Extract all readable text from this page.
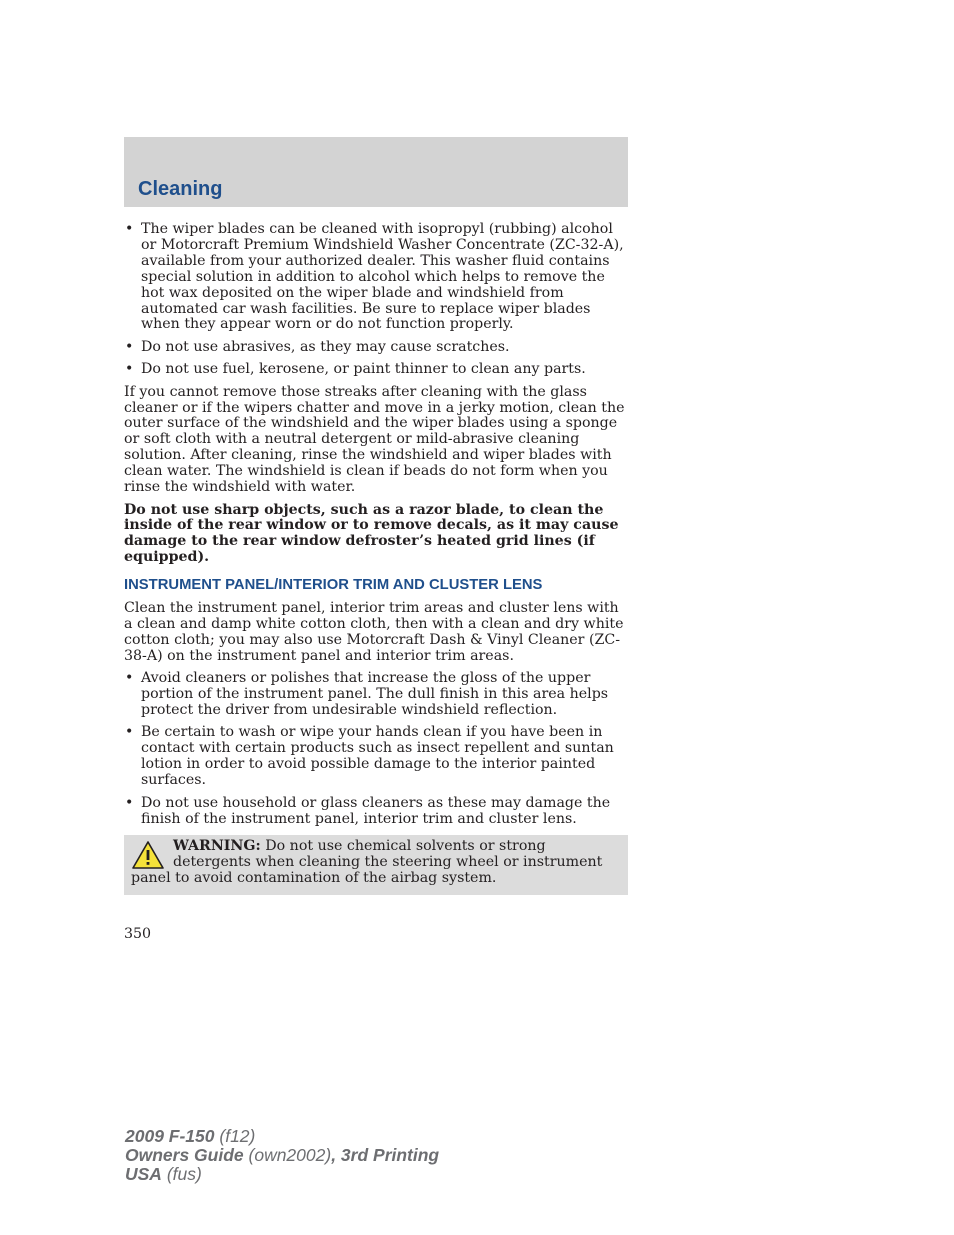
Cleaning
• The wiper blades can be cleaned with isopropyl (rubbing) alcohol or Motorcraft Premium Windshield Washer Concentrate (ZC-32-A), available from your authorized dealer. This washer fluid contains special solution in addition to alcohol which helps to remove the hot wax deposited on the wiper blade and windshield from automated car wash facilities. Be sure to replace wiper blades when they appear worn or do not function properly.
• Do not use abrasives, as they may cause scratches.
• Do not use fuel, kerosene, or paint thinner to clean any parts.

If you cannot remove those streaks after cleaning with the glass cleaner or if the wipers chatter and move in a jerky motion, clean the outer surface of the windshield and the wiper blades using a sponge or soft cloth with a neutral detergent or mild-abrasive cleaning solution. After cleaning, rinse the windshield and wiper blades with clean water. The windshield is clean if beads do not form when you rinse the windshield with water.

Do not use sharp objects, such as a razor blade, to clean the inside of the rear window or to remove decals, as it may cause damage to the rear window defroster’s heated grid lines (if equipped).

INSTRUMENT PANEL/INTERIOR TRIM AND CLUSTER LENS

Clean the instrument panel, interior trim areas and cluster lens with a clean and damp white cotton cloth, then with a clean and dry white cotton cloth; you may also use Motorcraft Dash & Vinyl Cleaner (ZC-38-A) on the instrument panel and interior trim areas.

• Avoid cleaners or polishes that increase the gloss of the upper portion of the instrument panel. The dull finish in this area helps protect the driver from undesirable windshield reflection.
• Be certain to wash or wipe your hands clean if you have been in contact with certain products such as insect repellent and suntan lotion in order to avoid possible damage to the interior painted surfaces.
• Do not use household or glass cleaners as these may damage the finish of the instrument panel, interior trim and cluster lens.
WARNING: Do not use chemical solvents or strong detergents when cleaning the steering wheel or instrument panel to avoid contamination of the airbag system.
350
2009 F-150 (f12)
Owners Guide (own2002), 3rd Printing
USA (fus)
